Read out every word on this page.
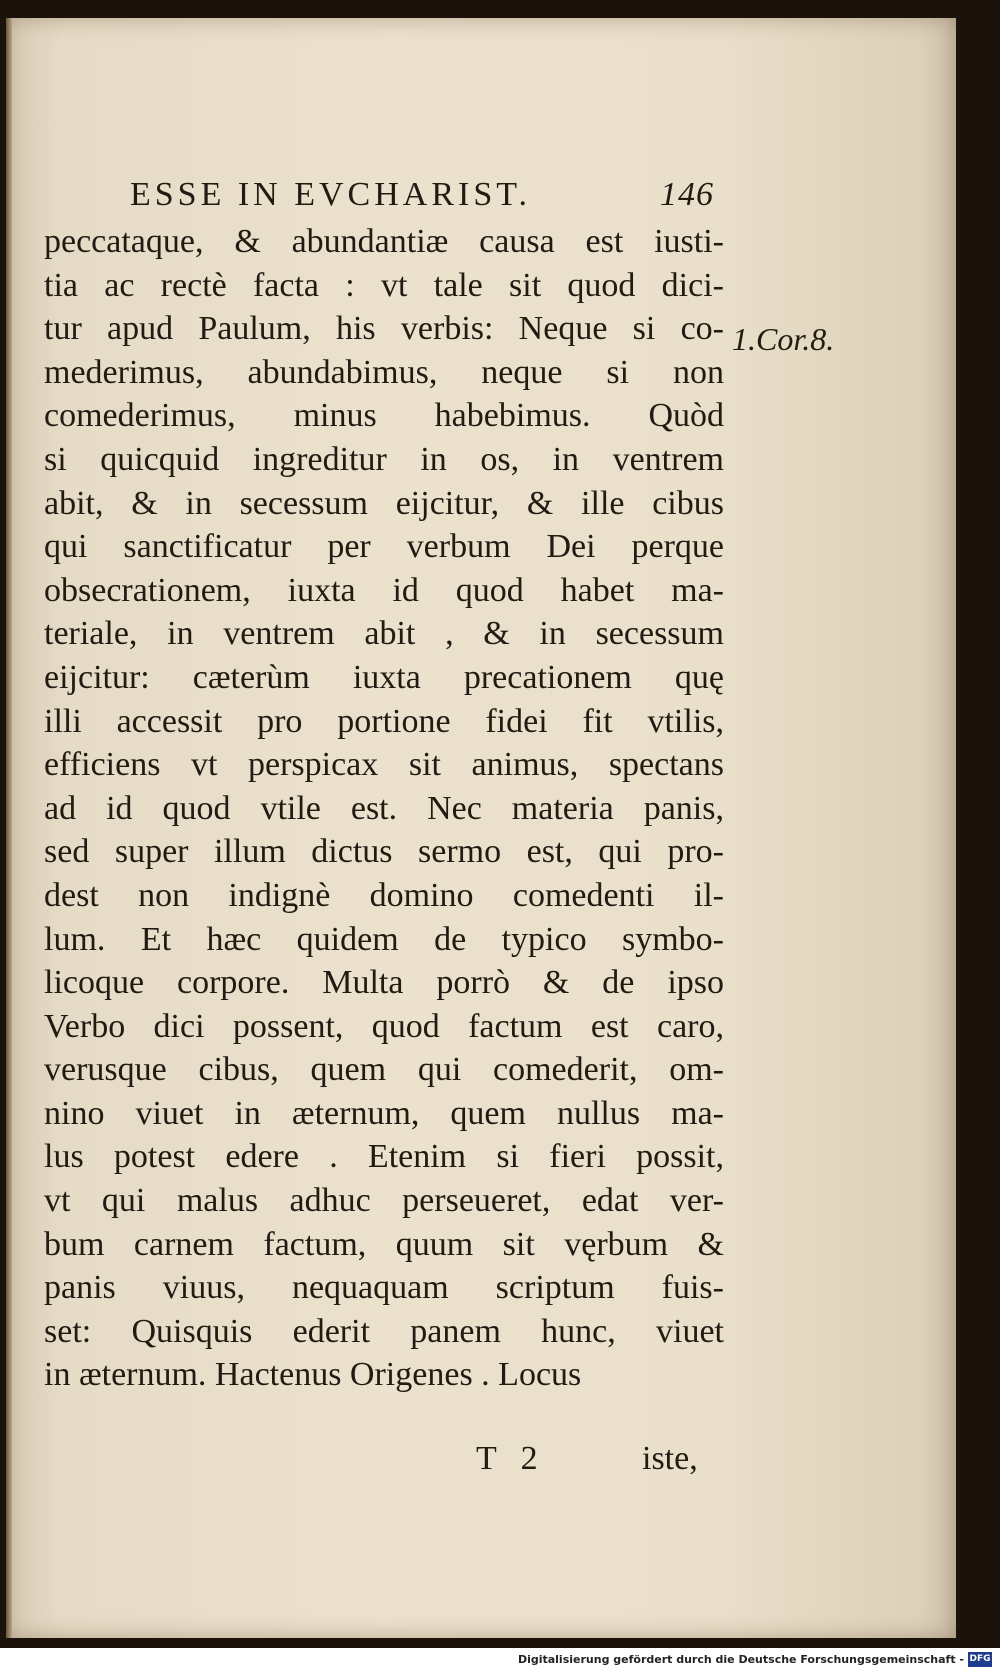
ESSE IN EVCHARIST.	146
peccataque, & abundantiæ causa est iusti-
tia ac rectè facta : vt tale sit quod dici-
tur apud Paulum, his verbis: Neque si co-
mederimus, abundabimus, neque si non
comederimus, minus habebimus. Quòd
si quicquid ingreditur in os, in ventrem
abit, & in secessum eijcitur, & ille cibus
qui sanctificatur per verbum Dei perque
obsecrationem, iuxta id quod habet ma-
teriale, in ventrem abit , & in secessum
eijcitur: cæterùm iuxta precationem quę
illi accessit pro portione fidei fit vtilis,
efficiens vt perspicax sit animus, spectans
ad id quod vtile est. Nec materia panis,
sed super illum dictus sermo est, qui pro-
dest non indignè domino comedenti il-
lum. Et hæc quidem de typico symbo-
licoque corpore. Multa porrò & de ipso
Verbo dici possent, quod factum est caro,
verusque cibus, quem qui comederit, om-
nino viuet in æternum, quem nullus ma-
lus potest edere . Etenim si fieri possit,
vt qui malus adhuc perseueret, edat ver-
bum carnem factum, quum sit vęrbum &
panis viuus, nequaquam scriptum fuis-
set: Quisquis ederit panem hunc, viuet
in æternum. Hactenus Origenes . Locus
1.Cor.8.
T 2	iste,
Digitalisierung gefördert durch die Deutsche Forschungsgemeinschaft - DFG
